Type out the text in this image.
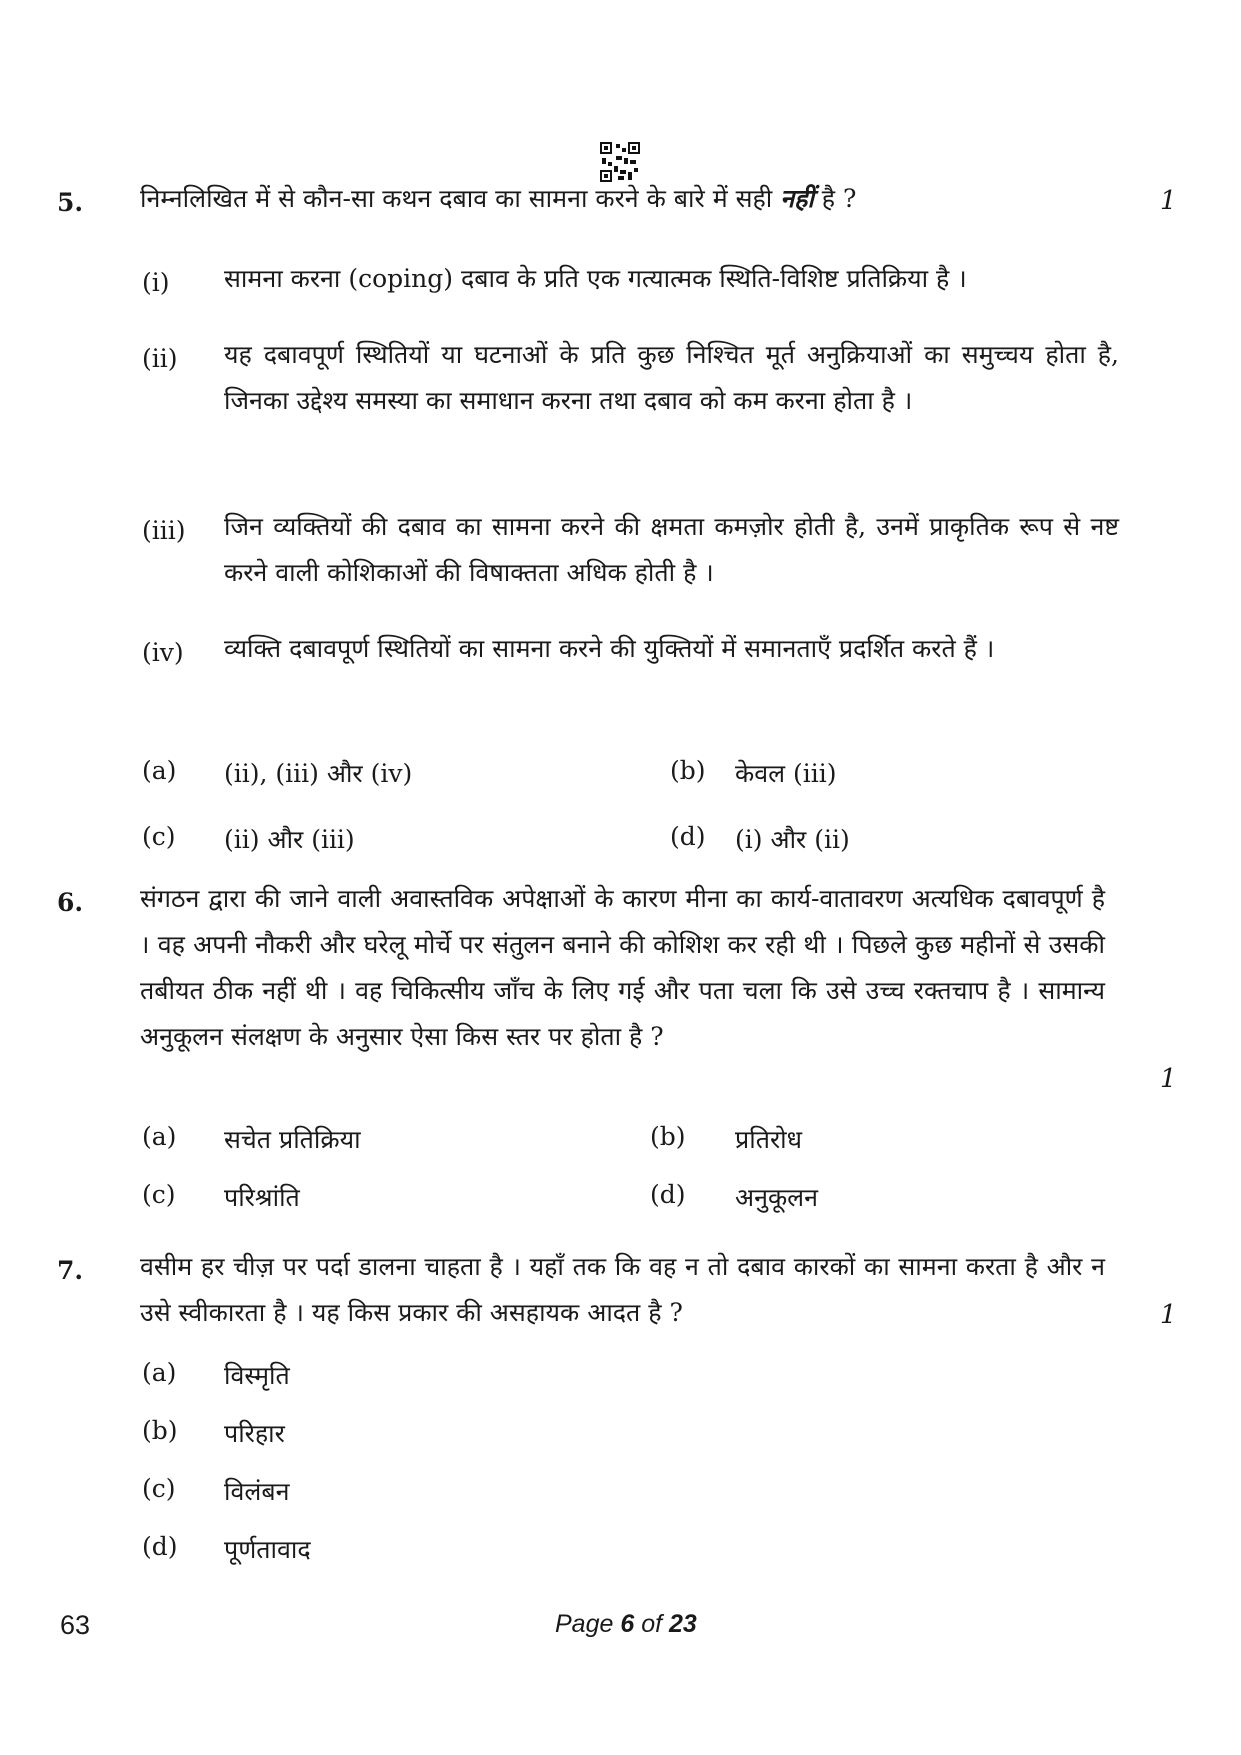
5. निम्नलिखित में से कौन-सा कथन दबाव का सामना करने के बारे में सही नहीं है ?	1
(i) सामना करना (coping) दबाव के प्रति एक गत्यात्मक स्थिति-विशिष्ट प्रतिक्रिया है ।
(ii) यह दबावपूर्ण स्थितियों या घटनाओं के प्रति कुछ निश्चित मूर्त अनुक्रियाओं का समुच्चय होता है, जिनका उद्देश्य समस्या का समाधान करना तथा दबाव को कम करना होता है ।
(iii) जिन व्यक्तियों की दबाव का सामना करने की क्षमता कमज़ोर होती है, उनमें प्राकृतिक रूप से नष्ट करने वाली कोशिकाओं की विषाक्तता अधिक होती है ।
(iv) व्यक्ति दबावपूर्ण स्थितियों का सामना करने की युक्तियों में समानताएँ प्रदर्शित करते हैं ।
(a) (ii), (iii) और (iv)	(b) केवल (iii)
(c) (ii) और (iii)	(d) (i) और (ii)
6. संगठन द्वारा की जाने वाली अवास्तविक अपेक्षाओं के कारण मीना का कार्य-वातावरण अत्यधिक दबावपूर्ण है । वह अपनी नौकरी और घरेलू मोर्चे पर संतुलन बनाने की कोशिश कर रही थी । पिछले कुछ महीनों से उसकी तबीयत ठीक नहीं थी । वह चिकित्सीय जाँच के लिए गई और पता चला कि उसे उच्च रक्तचाप है । सामान्य अनुकूलन संलक्षण के अनुसार ऐसा किस स्तर पर होता है ?
1
(a) सचेत प्रतिक्रिया	(b) प्रतिरोध
(c) परिश्रांति	(d) अनुकूलन
7. वसीम हर चीज़ पर पर्दा डालना चाहता है । यहाँ तक कि वह न तो दबाव कारकों का सामना करता है और न उसे स्वीकारता है । यह किस प्रकार की असहायक आदत है ?	1
(a) विस्मृति
(b) परिहार
(c) विलंबन
(d) पूर्णतावाद
63	Page 6 of 23
